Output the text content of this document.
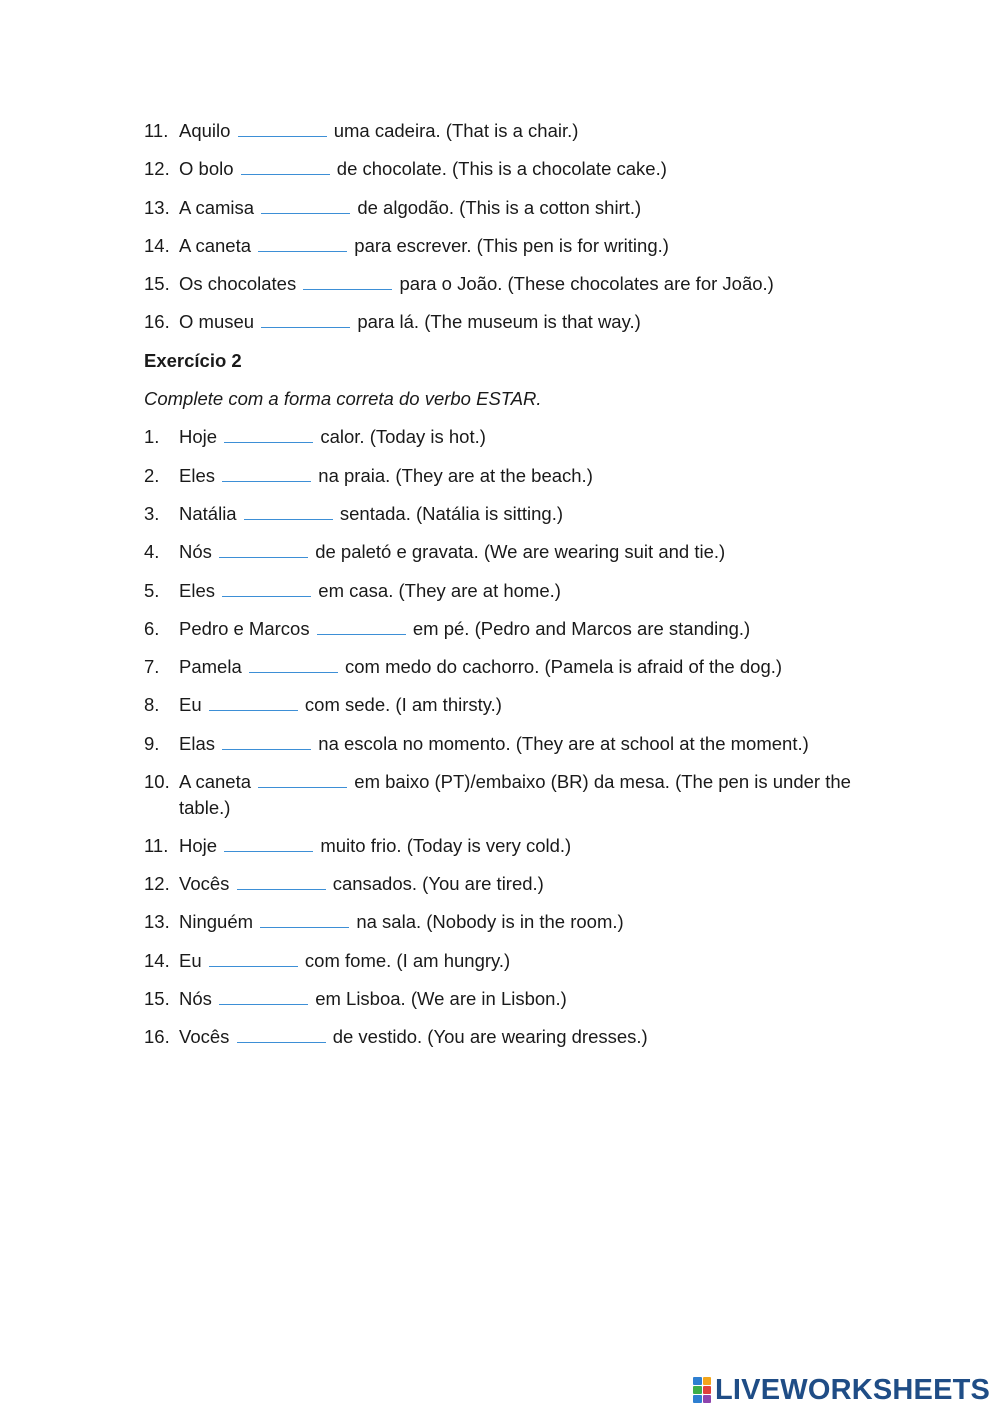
11. Aquilo	uma cadeira. (That is a chair.)
12. O bolo	de chocolate. (This is a chocolate cake.)
13. A camisa	de algodão. (This is a cotton shirt.)
14. A caneta	para escrever. (This pen is for writing.)
15. Os chocolates	para o João. (These chocolates are for João.)
16. O museu	para lá. (The museum is that way.)
Exercício 2
Complete com a forma correta do verbo ESTAR.
1. Hoje	calor. (Today is hot.)
2. Eles	na praia. (They are at the beach.)
3. Natália	sentada. (Natália is sitting.)
4. Nós	de paletó e gravata. (We are wearing suit and tie.)
5. Eles	em casa. (They are at home.)
6. Pedro e Marcos	em pé. (Pedro and Marcos are standing.)
7. Pamela	com medo do cachorro. (Pamela is afraid of the dog.)
8. Eu	com sede. (I am thirsty.)
9. Elas	na escola no momento. (They are at school at the moment.)
10. A caneta	em baixo (PT)/embaixo (BR) da mesa. (The pen is under the table.)
11. Hoje	muito frio. (Today is very cold.)
12. Vocês	cansados. (You are tired.)
13. Ninguém	na sala. (Nobody is in the room.)
14. Eu	com fome. (I am hungry.)
15. Nós	em Lisboa. (We are in Lisbon.)
16. Vocês	de vestido. (You are wearing dresses.)
LIVEWORKSHEETS
